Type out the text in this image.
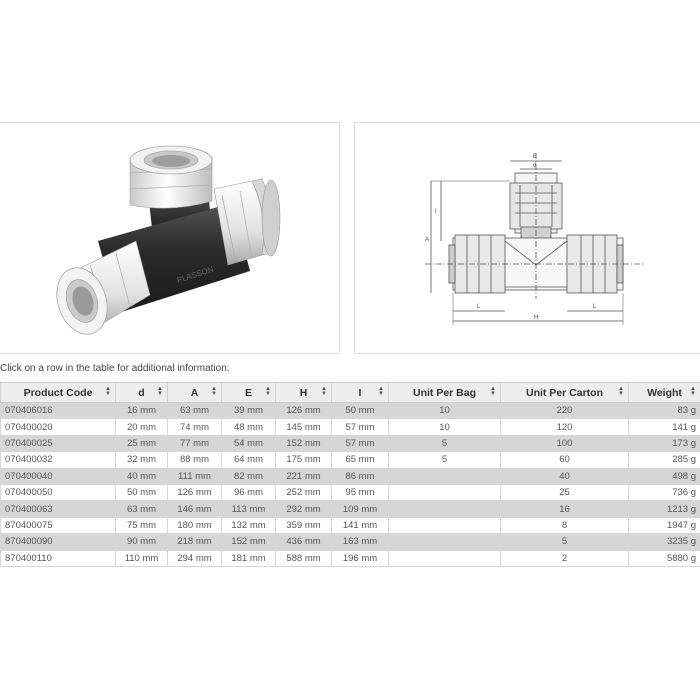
PLASSON
E
d
A
I
L	L
H
Click on a row in the table for additional information:
Product Code ▲
▼	d ▲
▼	A ▲
▼	E ▲
▼	H ▲
▼	I ▲
▼	Unit Per Bag ▲
▼	Unit Per Carton ▲
▼	Weight ▲
▼

070406016	16 mm	63 mm	39 mm	126 mm	50 mm	10	220	83 g
070400020	20 mm	74 mm	48 mm	145 mm	57 mm	10	120	141 g
070400025	25 mm	77 mm	54 mm	152 mm	57 mm	5	100	173 g
070400032	32 mm	88 mm	64 mm	175 mm	65 mm	5	60	285 g
070400040	40 mm	111 mm	82 mm	221 mm	86 mm		40	498 g
070400050	50 mm	126 mm	96 mm	252 mm	95 mm		25	736 g
070400063	63 mm	146 mm	113 mm	292 mm	109 mm		16	1213 g
870400075	75 mm	180 mm	132 mm	359 mm	141 mm		8	1947 g
870400090	90 mm	218 mm	152 mm	436 mm	163 mm		5	3235 g
870400110	110 mm	294 mm	181 mm	588 mm	196 mm		2	5880 g
